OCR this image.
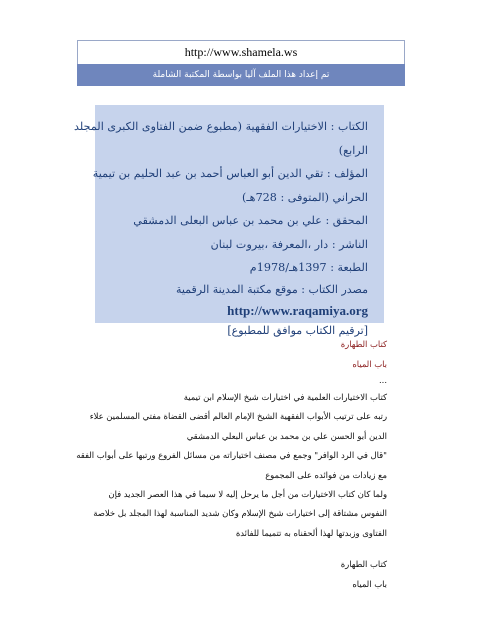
http://www.shamela.ws
تم إعداد هذا الملف آليا بواسطة المكتبة الشاملة
الكتاب : الاختيارات الفقهية (مطبوع ضمن الفتاوى الكبرى المجلد
الرابع)
المؤلف : تقي الدين أبو العباس أحمد بن عبد الحليم بن تيمية
الحراني (المتوفى : 728هـ)
المحقق : علي بن محمد بن عباس البعلى الدمشقي
الناشر : دار ،المعرفة ،بيروت لبنان
الطبعة : 1397هـ/1978م
مصدر الكتاب : موقع مكتبة المدينة الرقمية
http://www.raqamiya.org
[ترقيم الكتاب موافق للمطبوع]
كتاب الطهارة
باب المياه
...
كتاب الاختيارات العلمية في اختيارات شيخ الإسلام ابن تيمية
رتبه على ترتيب الأبواب الفقهية الشيخ الإمام العالم أقضى القضاة مفتي المسلمين علاء
الدين أبو الحسن علي بن محمد بن عباس البعلي الدمشقي
"قال في الرد الوافر" وجمع في مصنف اختياراته من مسائل الفروع ورتبها على أبواب الفقه
مع زيادات من فوائده على المجموع
ولما كان كتاب الاختيارات من أجل ما يرحل إليه لا سيما في هذا العصر الجديد فإن
النفوس مشتاقة إلى اختيارات شيخ الإسلام وكان شديد المناسبة لهذا المجلد بل خلاصة
الفتاوى وزبدتها لهذا ألحقناه به تتميما للفائدة
كتاب الطهارة
باب المياه
